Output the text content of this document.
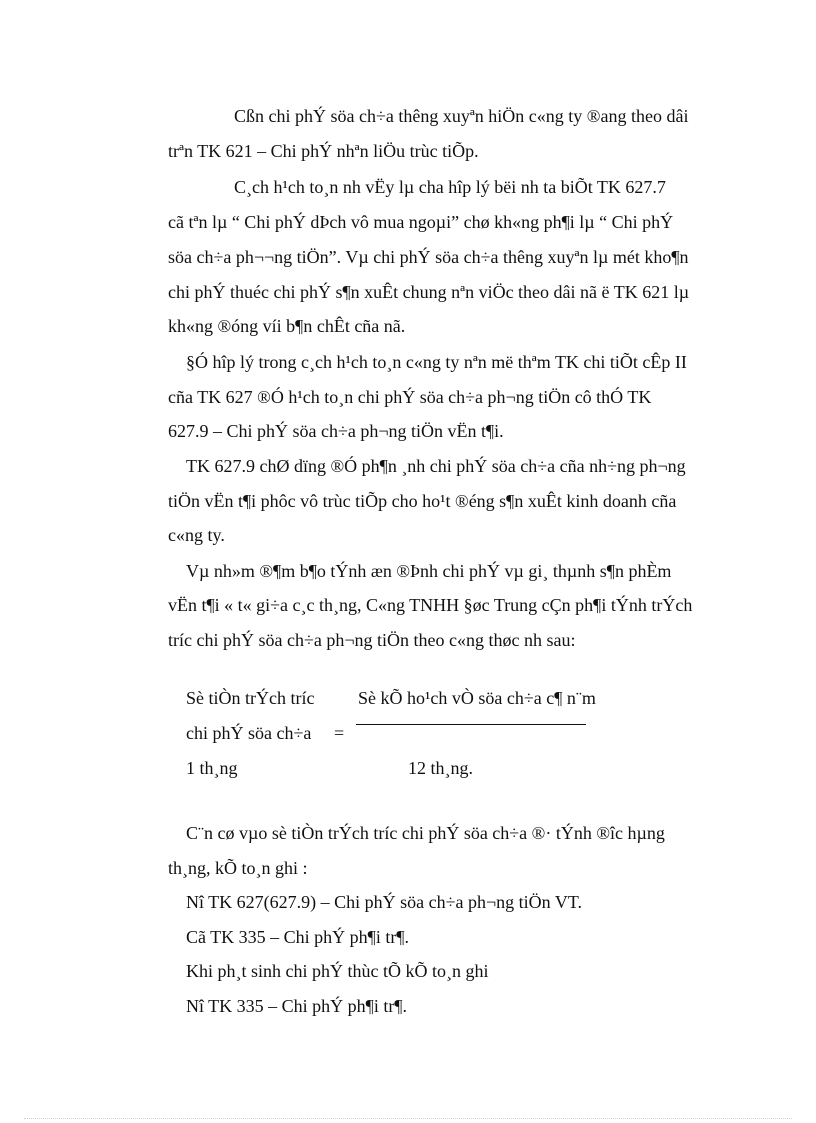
Cßn chi phÝ söa ch÷a thêng xuyªn hiÖn c«ng ty ®ang theo dâi
trªn TK 621 – Chi phÝ nhªn liÖu trùc tiÕp.
C¸ch h¹ch to¸n nh vËy lµ cha hîp lý bëi nh ta biÕt TK 627.7
cã tªn lµ “ Chi phÝ dÞch vô mua ngoµi” chø kh«ng ph¶i lµ “ Chi phÝ
söa ch÷a ph¬¬ng tiÖn”. Vµ chi phÝ söa ch÷a thêng xuyªn lµ mét kho¶n
chi phÝ thuéc chi phÝ s¶n xuÊt chung nªn viÖc theo dâi nã ë TK 621 lµ
kh«ng ®óng víi b¶n chÊt cña nã.
§Ó hîp lý trong c¸ch h¹ch to¸n c«ng ty nªn më thªm TK chi tiÕt cÊp II
cña TK 627 ®Ó h¹ch to¸n chi phÝ söa ch÷a ph¬ng tiÖn cô thÓ TK
627.9 – Chi phÝ söa ch÷a ph¬ng tiÖn vËn t¶i.
TK 627.9 chØ dïng ®Ó ph¶n ¸nh chi phÝ söa ch÷a cña nh÷ng ph¬ng
tiÖn vËn t¶i phôc vô trùc tiÕp cho ho¹t ®éng s¶n xuÊt kinh doanh cña
c«ng ty.
Vµ nh»m ®¶m b¶o tÝnh æn ®Þnh chi phÝ vµ gi¸ thµnh s¶n phÈm
vËn t¶i « t« gi÷a c¸c th¸ng, C«ng TNHH §øc Trung cÇn ph¶i tÝnh trÝch
tríc chi phÝ söa ch÷a ph¬ng tiÖn theo c«ng thøc nh sau:
Sè tiÒn trÝch tríc
chi phÝ söa ch÷a
1 th¸ng
=
Sè kÕ ho¹ch vÒ söa ch÷a c¶ n¨m
12 th¸ng.
C¨n cø vµo sè tiÒn trÝch tríc chi phÝ söa ch÷a ®· tÝnh ®îc hµng
th¸ng, kÕ to¸n ghi :
Nî TK 627(627.9) – Chi phÝ söa ch÷a ph¬ng tiÖn VT.
Cã TK 335 – Chi phÝ ph¶i tr¶.
Khi ph¸t sinh chi phÝ thùc tÕ kÕ to¸n ghi
Nî TK 335 – Chi phÝ ph¶i tr¶.
